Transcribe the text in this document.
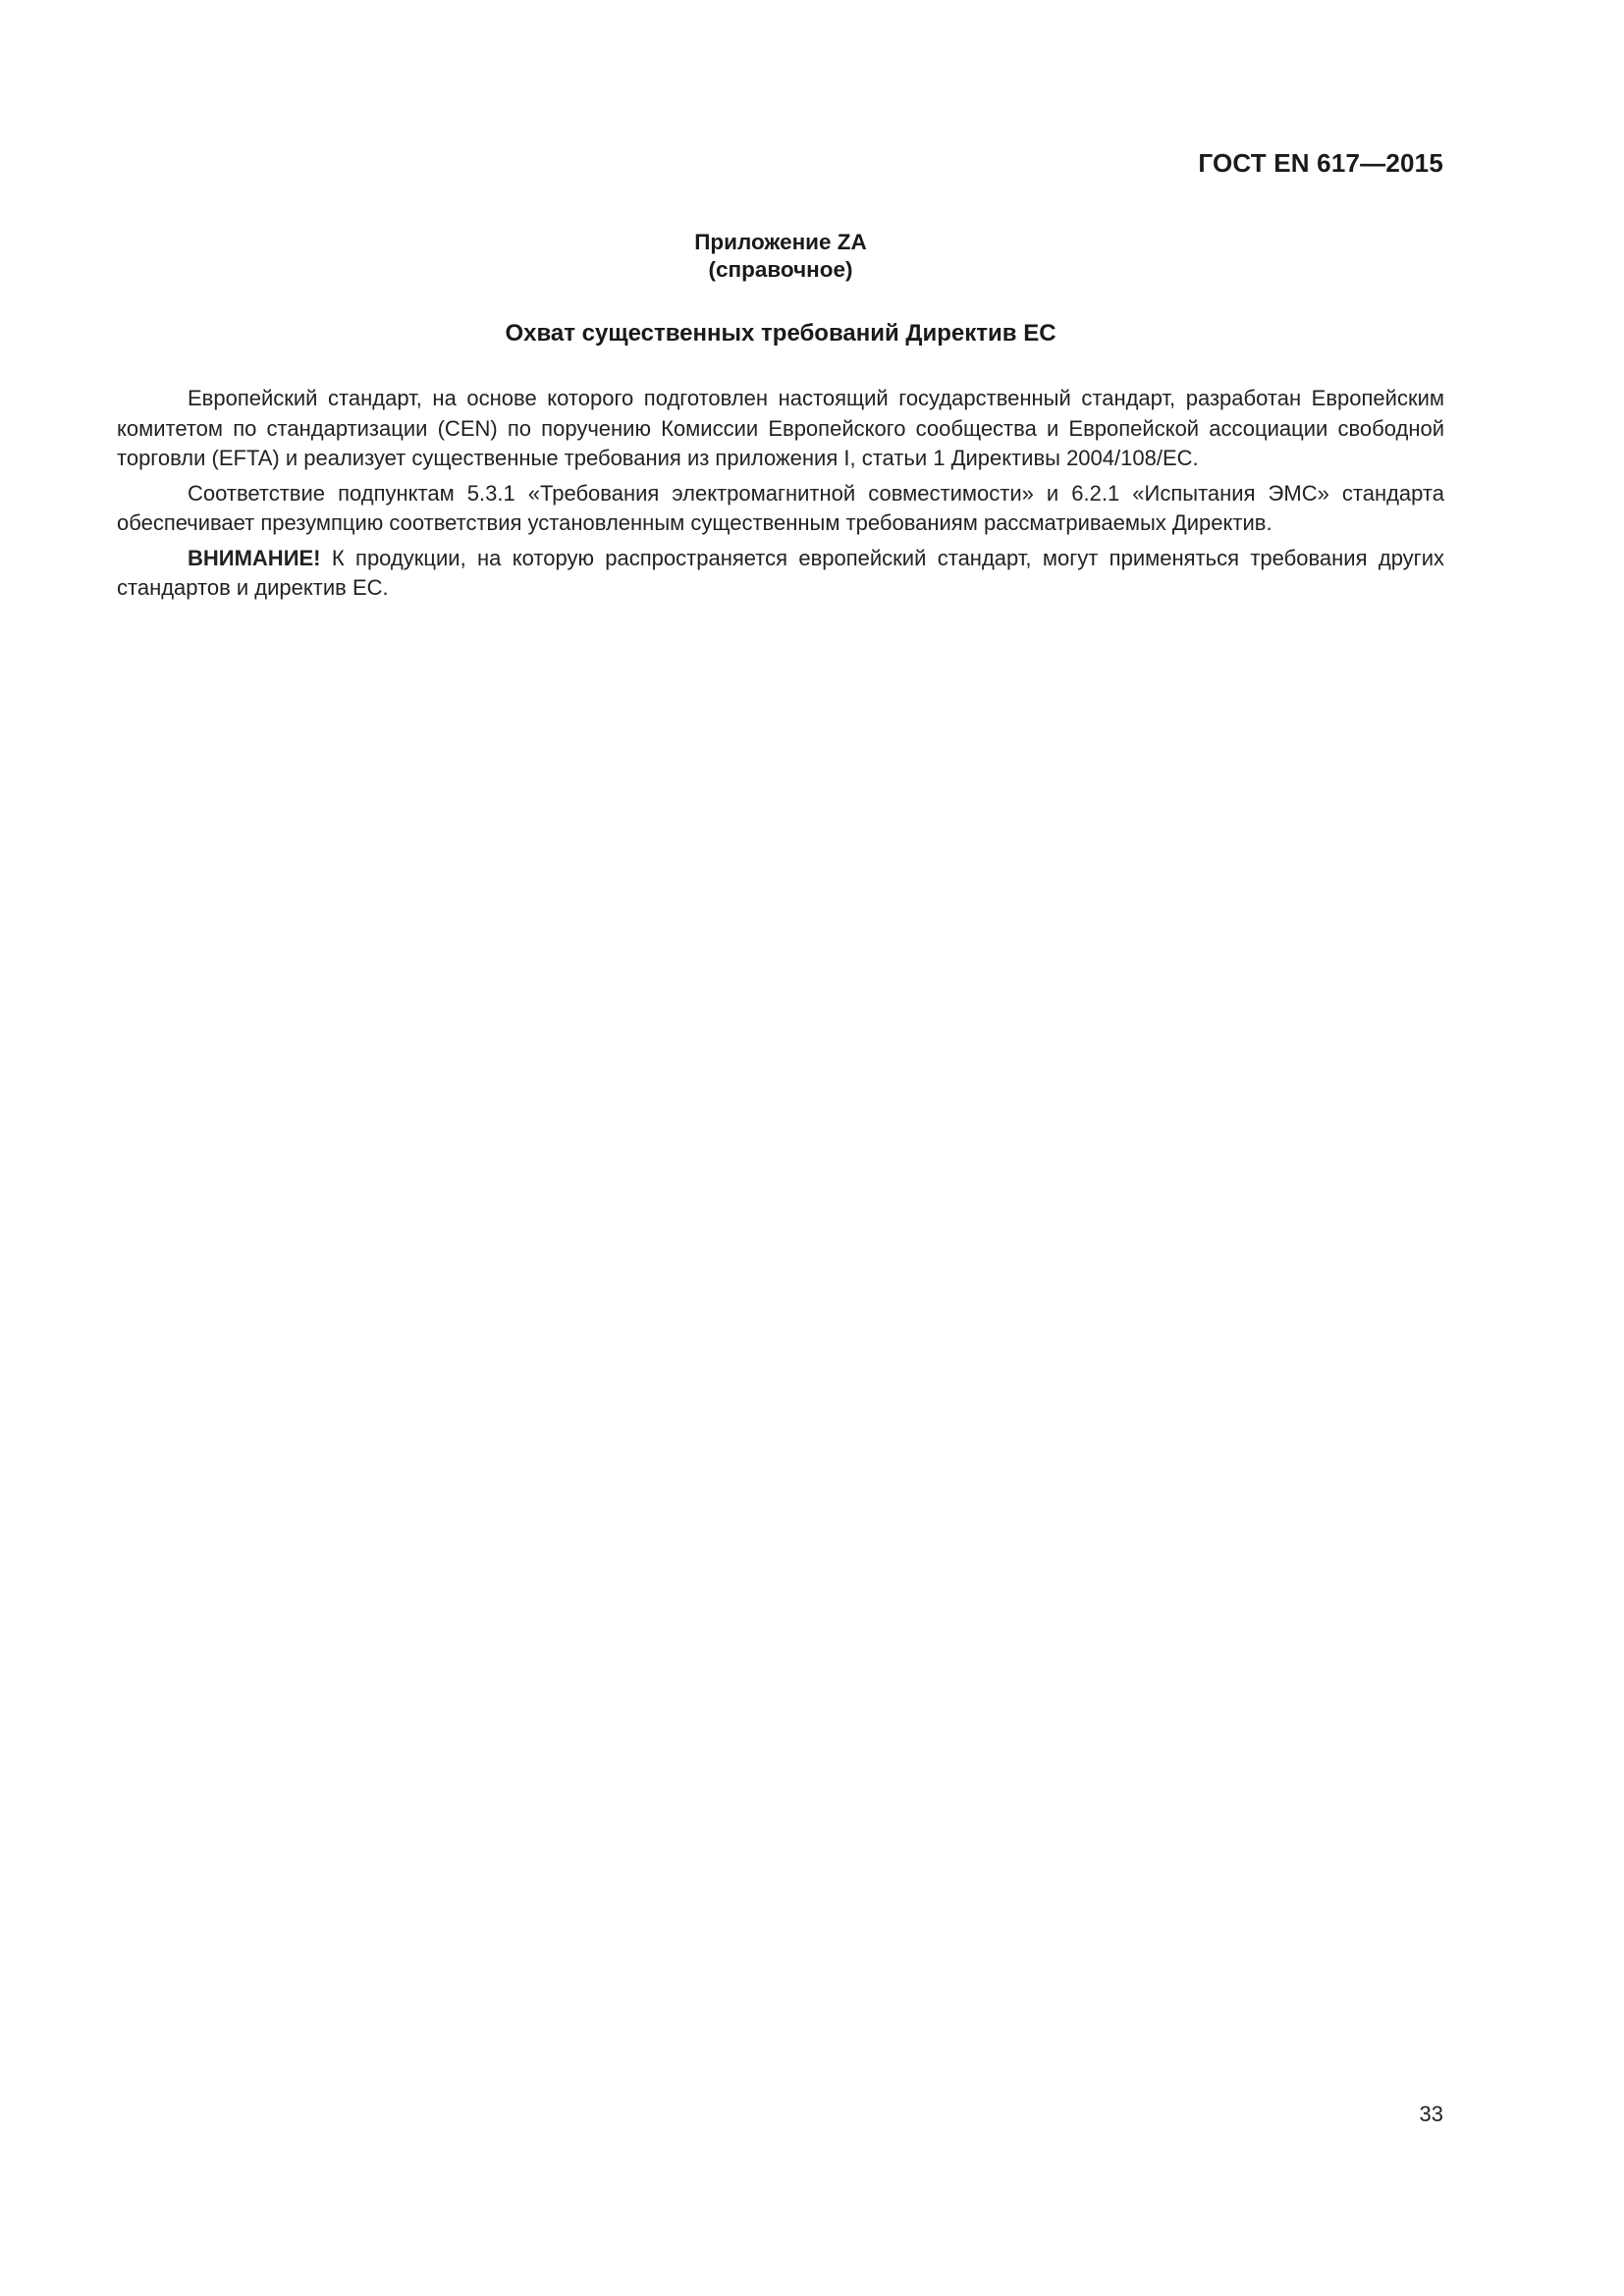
ГОСТ EN 617—2015
Приложение ZA
(справочное)
Охват существенных требований Директив ЕС

Европейский стандарт, на основе которого подготовлен настоящий государственный стандарт, разработан Европейским комитетом по стандартизации (CEN) по поручению Комиссии Европейского сообщества и Европейской ассоциации свободной торговли (EFTA) и реализует существенные требования из приложения I, статьи 1 Директивы 2004/108/ЕС.

Соответствие подпунктам 5.3.1 «Требования электромагнитной совместимости» и 6.2.1 «Испытания ЭМС» стандарта обеспечивает презумпцию соответствия установленным существенным требованиям рассматриваемых Директив.

ВНИМАНИЕ! К продукции, на которую распространяется европейский стандарт, могут применяться требования других стандартов и директив ЕС.

33
